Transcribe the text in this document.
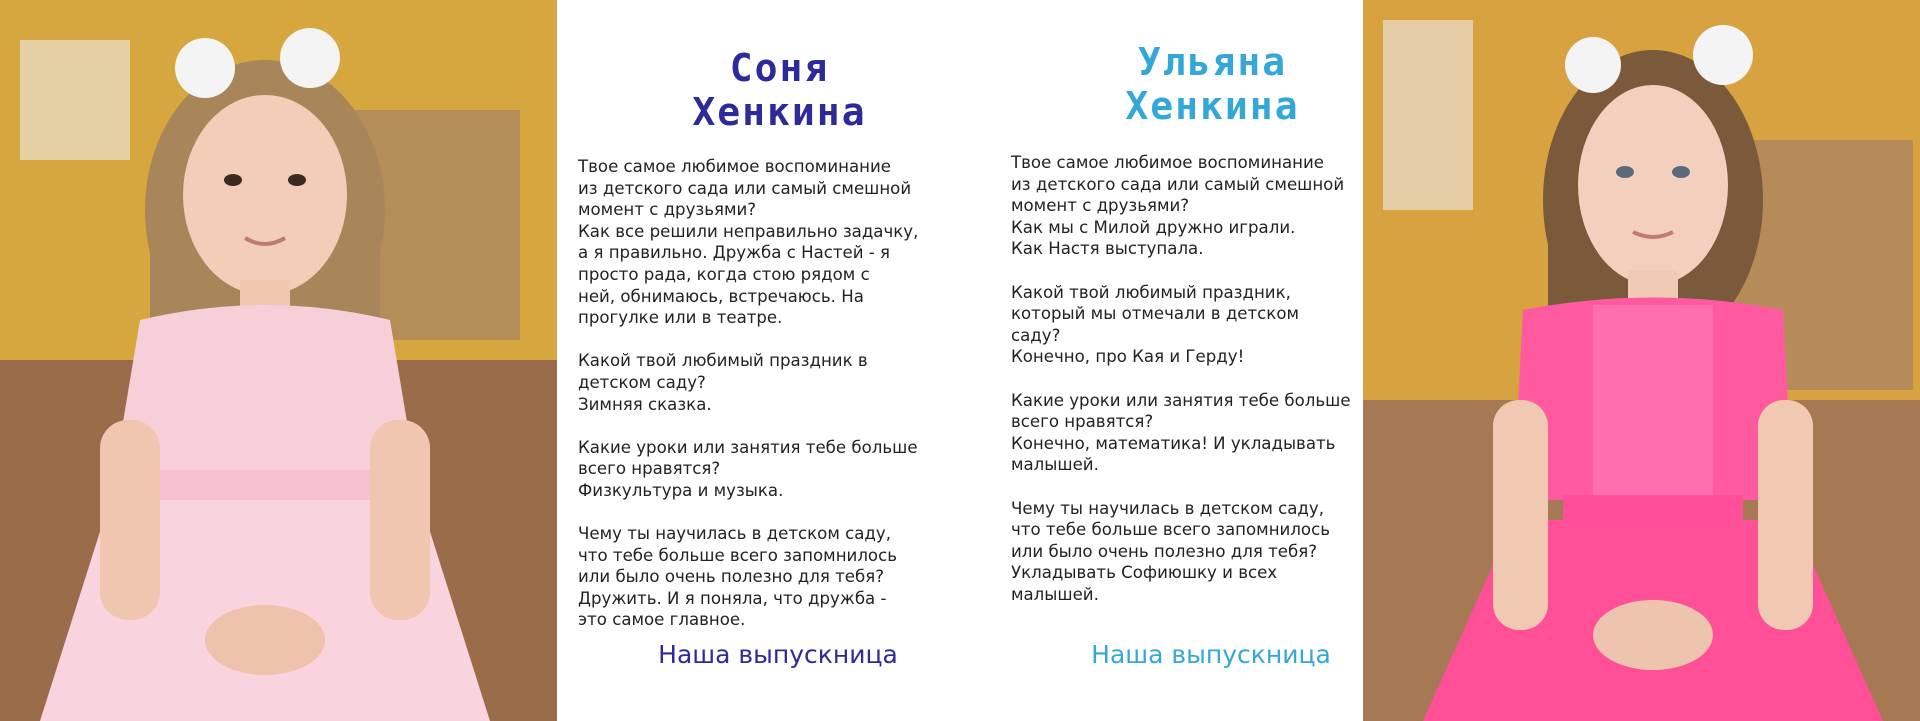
Соня
Хенкина
Твое самое любимое воспоминание
из детского сада или самый смешной
момент с друзьями?
Как все решили неправильно задачку,
а я правильно. Дружба с Настей - я
просто рада, когда стою рядом с
ней, обнимаюсь, встречаюсь. На
прогулке или в театре.

Какой твой любимый праздник в
детском саду?
Зимняя сказка.

Какие уроки или занятия тебе больше
всего нравятся?
Физкультура и музыка.

Чему ты научилась в детском саду,
что тебе больше всего запомнилось
или было очень полезно для тебя?
Дружить. И я поняла, что дружба -
это самое главное.
Наша выпускница
Ульяна
Хенкина
Твое самое любимое воспоминание
из детского сада или самый смешной
момент с друзьями?
Как мы с Милой дружно играли.
Как Настя выступала.

Какой твой любимый праздник,
который мы отмечали в детском
саду?
Конечно, про Кая и Герду!

Какие уроки или занятия тебе больше
всего нравятся?
Конечно, математика! И укладывать
малышей.

Чему ты научилась в детском саду,
что тебе больше всего запомнилось
или было очень полезно для тебя?
Укладывать Софиюшку и всех
малышей.
Наша выпускница
